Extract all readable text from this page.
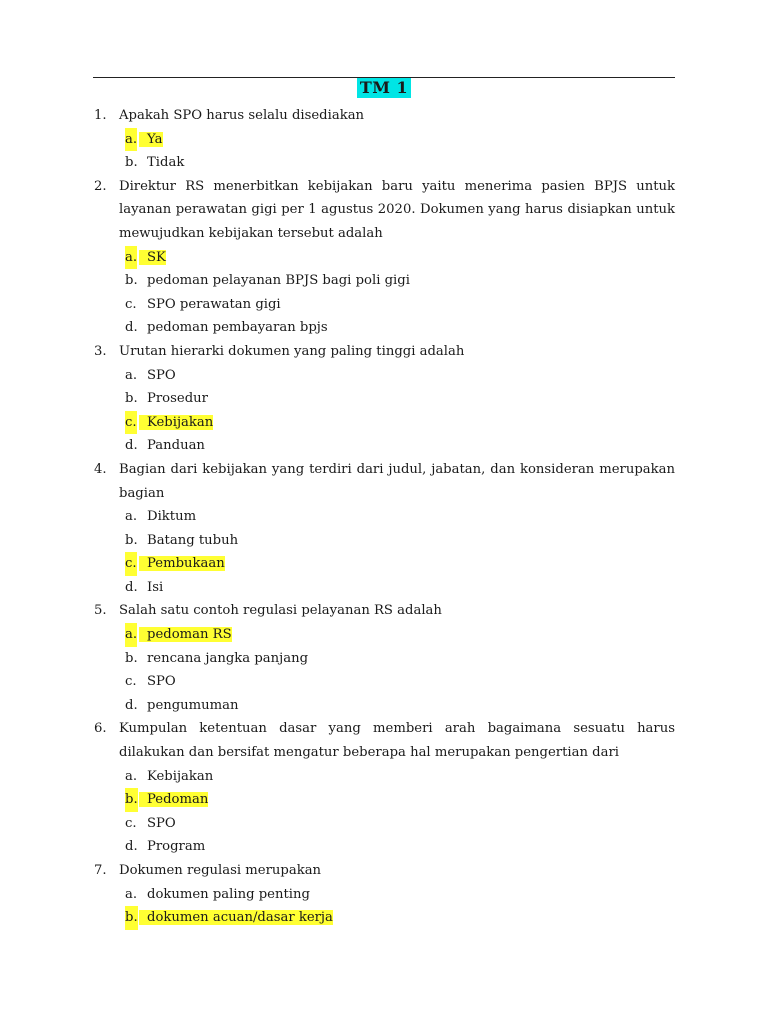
TM 1
1. Apakah SPO harus selalu disediakan
a. Ya
b. Tidak
2. Direktur RS menerbitkan kebijakan baru yaitu menerima pasien BPJS untuk layanan perawatan gigi per 1 agustus 2020. Dokumen yang harus disiapkan untuk mewujudkan kebijakan tersebut adalah
a. SK
b. pedoman pelayanan BPJS bagi poli gigi
c. SPO perawatan gigi
d. pedoman pembayaran bpjs
3. Urutan hierarki dokumen yang paling tinggi adalah
a. SPO
b. Prosedur
c. Kebijakan
d. Panduan
4. Bagian dari kebijakan yang terdiri dari judul, jabatan, dan konsideran merupakan bagian
a. Diktum
b. Batang tubuh
c. Pembukaan
d. Isi
5. Salah satu contoh regulasi pelayanan RS adalah
a. pedoman RS
b. rencana jangka panjang
c. SPO
d. pengumuman
6. Kumpulan ketentuan dasar yang memberi arah bagaimana sesuatu harus dilakukan dan bersifat mengatur beberapa hal merupakan pengertian dari
a. Kebijakan
b. Pedoman
c. SPO
d. Program
7. Dokumen regulasi merupakan
a. dokumen paling penting
b. dokumen acuan/dasar kerja
